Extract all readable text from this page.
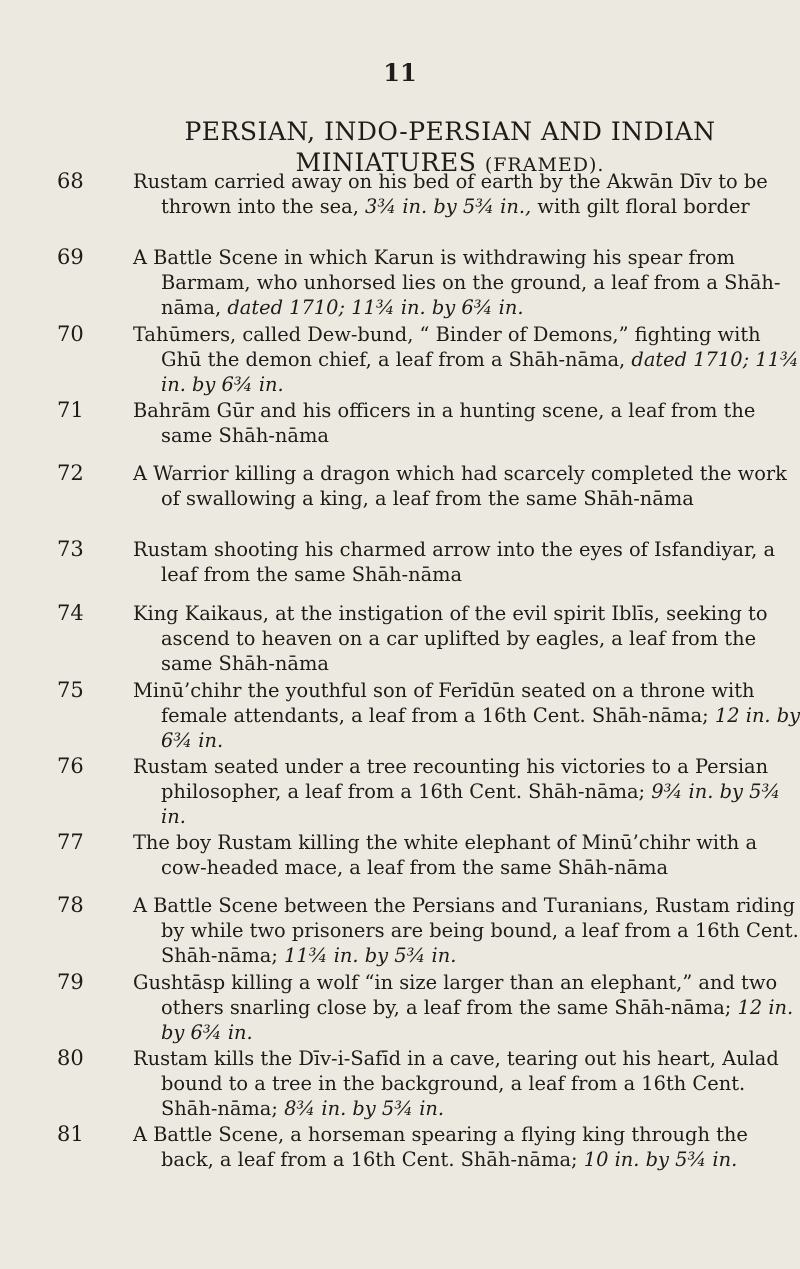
11
PERSIAN, INDO-PERSIAN AND INDIAN
MINIATURES (FRAMED).
68	Rustam carried away on his bed of earth by the Akwān Dīv to be thrown into the sea, 3¾ in. by 5¾ in., with gilt floral border
69	A Battle Scene in which Karun is withdrawing his spear from Barmam, who unhorsed lies on the ground, a leaf from a Shāh-nāma, dated 1710; 11¾ in. by 6¾ in.
70	Tahūmers, called Dew-bund, “ Binder of Demons,” fighting with Ghū the demon chief, a leaf from a Shāh-nāma, dated 1710; 11¾ in. by 6¾ in.
71	Bahrām Gūr and his officers in a hunting scene, a leaf from the same Shāh-nāma
72	A Warrior killing a dragon which had scarcely completed the work of swallowing a king, a leaf from the same Shāh-nāma
73	Rustam shooting his charmed arrow into the eyes of Isfandiyar, a leaf from the same Shāh-nāma
74	King Kaikaus, at the instigation of the evil spirit Iblīs, seeking to ascend to heaven on a car uplifted by eagles, a leaf from the same Shāh-nāma
75	Minū’chihr the youthful son of Ferīdūn seated on a throne with female attendants, a leaf from a 16th Cent. Shāh-nāma; 12 in. by 6¾ in.
76	Rustam seated under a tree recounting his victories to a Persian philosopher, a leaf from a 16th Cent. Shāh-nāma; 9¾ in. by 5¾ in.
77	The boy Rustam killing the white elephant of Minū’chihr with a cow-headed mace, a leaf from the same Shāh-nāma
78	A Battle Scene between the Persians and Turanians, Rustam riding by while two prisoners are being bound, a leaf from a 16th Cent. Shāh-nāma; 11¾ in. by 5¾ in.
79	Gushtāsp killing a wolf “in size larger than an elephant,” and two others snarling close by, a leaf from the same Shāh-nāma; 12 in. by 6¾ in.
80	Rustam kills the Dīv-i-Safīd in a cave, tearing out his heart, Aulad bound to a tree in the background, a leaf from a 16th Cent. Shāh-nāma; 8¾ in. by 5¾ in.
81	A Battle Scene, a horseman spearing a flying king through the back, a leaf from a 16th Cent. Shāh-nāma; 10 in. by 5¾ in.
